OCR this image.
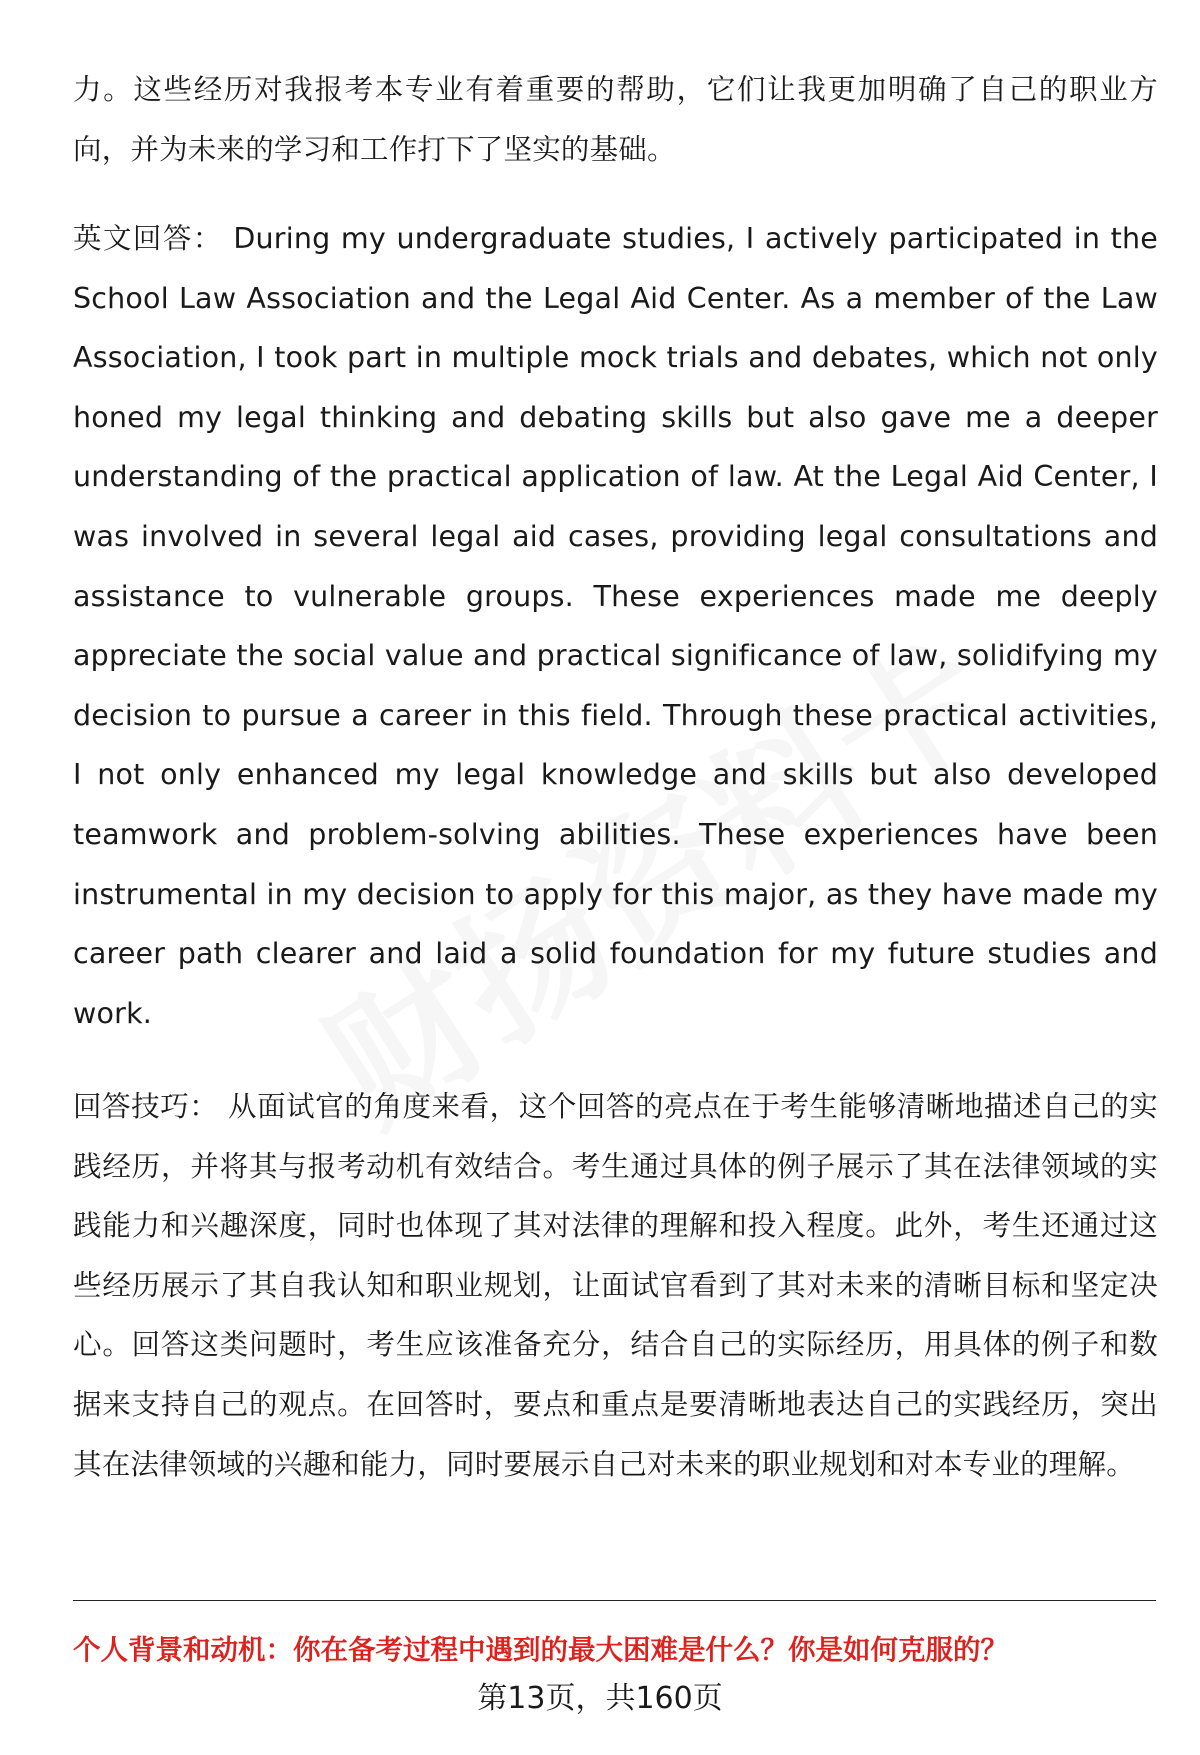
力。这些经历对我报考本专业有着重要的帮助，它们让我更加明确了自己的职业方向，并为未来的学习和工作打下了坚实的基础。

英文回答： During my undergraduate studies, I actively participated in the School Law Association and the Legal Aid Center. As a member of the Law Association, I took part in multiple mock trials and debates, which not only honed my legal thinking and debating skills but also gave me a deeper understanding of the practical application of law. At the Legal Aid Center, I was involved in several legal aid cases, providing legal consultations and assistance to vulnerable groups. These experiences made me deeply appreciate the social value and practical significance of law, solidifying my decision to pursue a career in this field. Through these practical activities, I not only enhanced my legal knowledge and skills but also developed teamwork and problem-solving abilities. These experiences have been instrumental in my decision to apply for this major, as they have made my career path clearer and laid a solid foundation for my future studies and work.

回答技巧： 从面试官的角度来看，这个回答的亮点在于考生能够清晰地描述自己的实践经历，并将其与报考动机有效结合。考生通过具体的例子展示了其在法律领域的实践能力和兴趣深度，同时也体现了其对法律的理解和投入程度。此外，考生还通过这些经历展示了其自我认知和职业规划，让面试官看到了其对未来的清晰目标和坚定决心。回答这类问题时，考生应该准备充分，结合自己的实际经历，用具体的例子和数据来支持自己的观点。在回答时，要点和重点是要清晰地表达自己的实践经历，突出其在法律领域的兴趣和能力，同时要展示自己对未来的职业规划和对本专业的理解。

个人背景和动机：你在备考过程中遇到的最大困难是什么？你是如何克服的？

第13页，共160页
